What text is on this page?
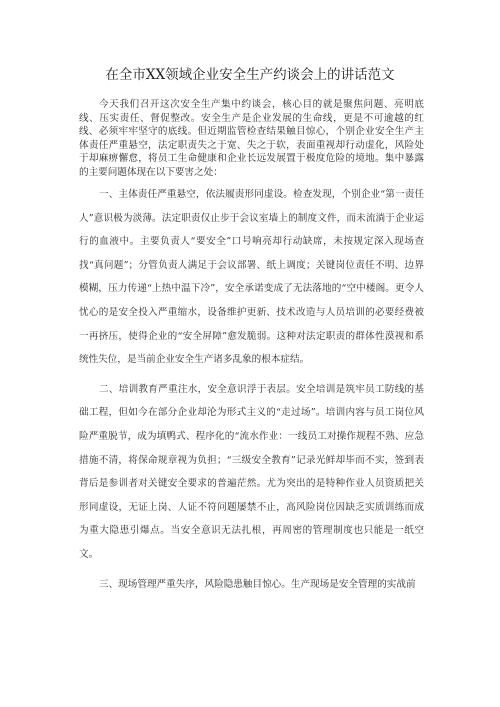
在全市XX领域企业安全生产约谈会上的讲话范文

今天我们召开这次安全生产集中约谈会，核心目的就是聚焦问题、亮明底线、压实责任、督促整改。安全生产是企业发展的生命线，更是不可逾越的红线、必须牢牢坚守的底线。但近期监管检查结果触目惊心，个别企业安全生产主体责任严重悬空，法定职责失之于宽、失之于软，表面重视却行动虚化，风险处于却麻痹懈怠，将员工生命健康和企业长远发展置于极度危险的境地。集中暴露的主要问题体现在以下要害之处：

一、主体责任严重悬空，依法履责形同虚设。检查发现，个别企业“第一责任人”意识极为淡薄。法定职责仅止步于会议室墙上的制度文件，而未流淌于企业运行的血液中。主要负责人“要安全”口号响亮却行动缺席，未按规定深入现场查找“真问题”；分管负责人满足于会议部署、纸上调度；关键岗位责任不明、边界模糊，压力传递“上热中温下冷”，安全承诺变成了无法落地的“空中楼阁。更令人忧心的是安全投入严重缩水，设备维护更新、技术改造与人员培训的必要经费被一再挤压，使得企业的“安全屏障”愈发脆弱。这种对法定职责的群体性漠视和系统性失位，是当前企业安全生产诸多乱象的根本症结。

二、培训教育严重注水，安全意识浮于表层。安全培训是筑牢员工防线的基础工程，但如今在部分企业却沦为形式主义的“走过场”。培训内容与员工岗位风险严重脱节，成为填鸭式、程序化的“流水作业：一线员工对操作规程不熟、应急措施不清，将保命规章视为负担；“三级安全教育”记录光鲜却毕而不实，签到表背后是参训者对关键安全要求的普遍茫然。尤为突出的是特种作业人员资质把关形同虚设，无证上岗、人证不符问题屡禁不止，高风险岗位因缺乏实质训练而成为重大隐患引爆点。当安全意识无法扎根，再周密的管理制度也只能是一纸空文。

三、现场管理严重失序，风险隐患触目惊心。生产现场是安全管理的实战前
